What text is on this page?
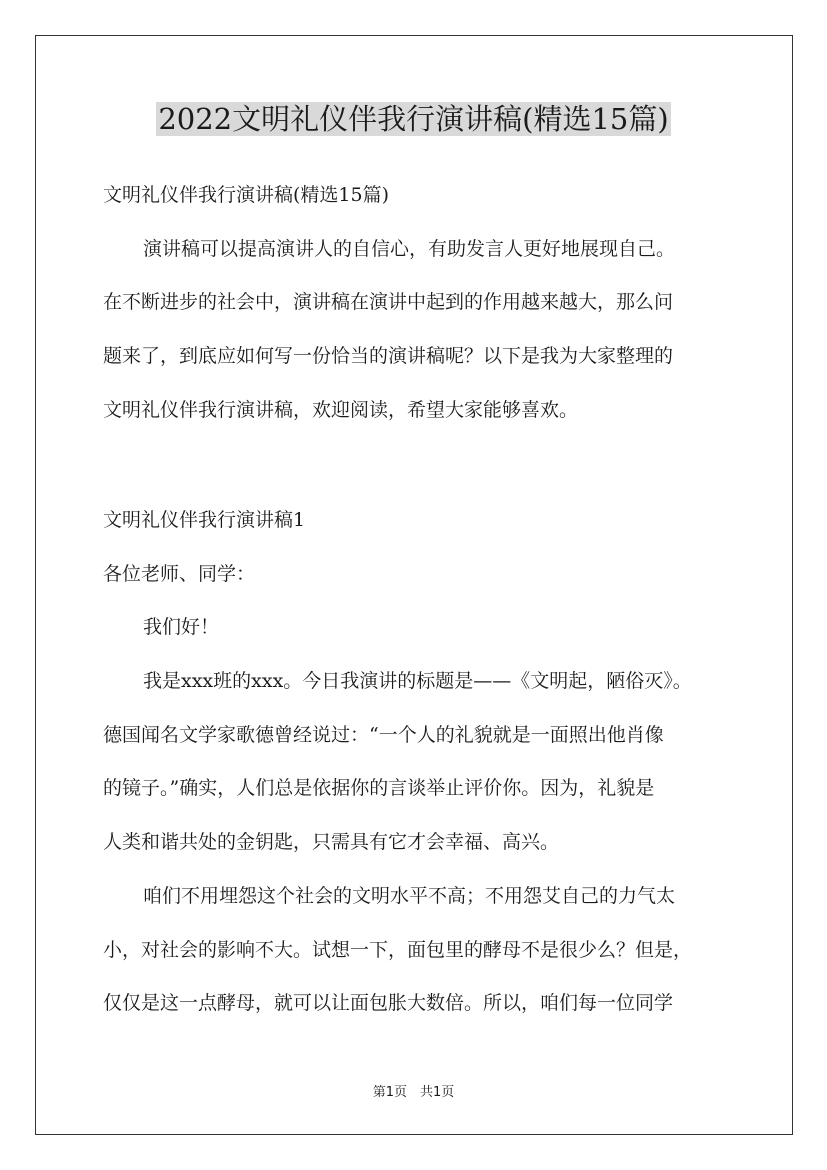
2022文明礼仪伴我行演讲稿(精选15篇)
文明礼仪伴我行演讲稿(精选15篇)
演讲稿可以提高演讲人的自信心，有助发言人更好地展现自己。
在不断进步的社会中，演讲稿在演讲中起到的作用越来越大，那么问
题来了，到底应如何写一份恰当的演讲稿呢？以下是我为大家整理的
文明礼仪伴我行演讲稿，欢迎阅读，希望大家能够喜欢。
文明礼仪伴我行演讲稿1
各位老师、同学：
我们好！
我是xxx班的xxx。今日我演讲的标题是——《文明起，陋俗灭》。
德国闻名文学家歌德曾经说过：“一个人的礼貌就是一面照出他肖像
的镜子。”确实，人们总是依据你的言谈举止评价你。因为，礼貌是
人类和谐共处的金钥匙，只需具有它才会幸福、高兴。
咱们不用埋怨这个社会的文明水平不高；不用怨艾自己的力气太
小，对社会的影响不大。试想一下，面包里的酵母不是很少么？但是，
仅仅是这一点酵母，就可以让面包胀大数倍。所以，咱们每一位同学
第1页　共1页
